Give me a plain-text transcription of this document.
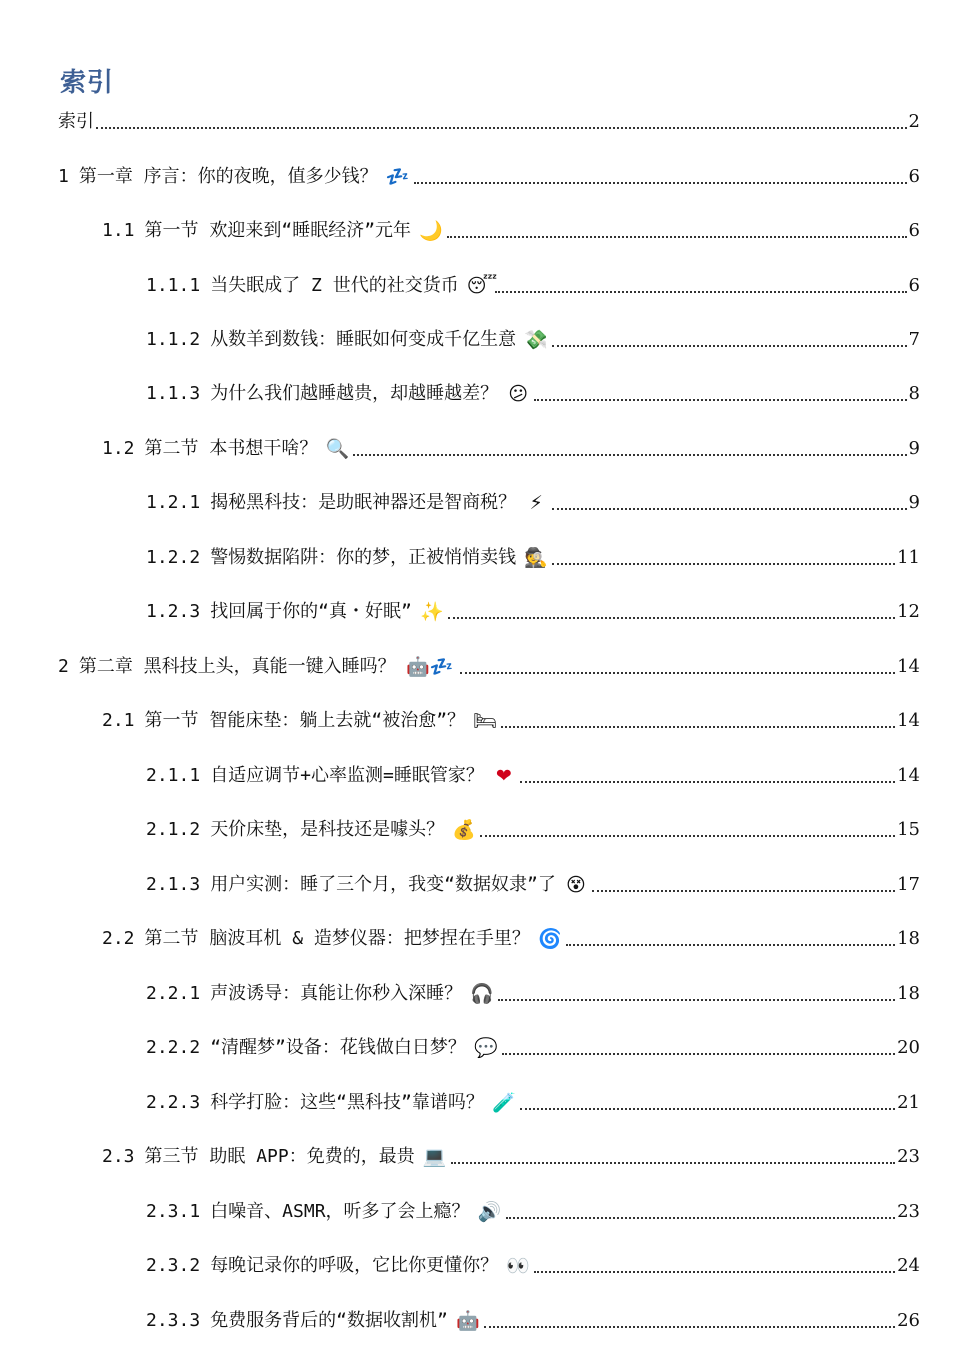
索引
索引	2
1 第一章 序言：你的夜晚，值多少钱？ 💤	6
1.1 第一节 欢迎来到“睡眠经济”元年 🌙	6
1.1.1 当失眠成了 Z 世代的社交货币 😴	6
1.1.2 从数羊到数钱：睡眠如何变成千亿生意 💸	7
1.1.3 为什么我们越睡越贵，却越睡越差？ 😕	8
1.2 第二节 本书想干啥？ 🔍	9
1.2.1 揭秘黑科技：是助眠神器还是智商税？ ⚡	9
1.2.2 警惕数据陷阱：你的梦，正被悄悄卖钱 🕵	11
1.2.3 找回属于你的“真・好眠” ✨	12
2 第二章 黑科技上头，真能一键入睡吗？ 🤖💤	14
2.1 第一节 智能床垫：躺上去就“被治愈”？ 🛏	14
2.1.1 自适应调节+心率监测=睡眠管家？ ❤	14
2.1.2 天价床垫，是科技还是噱头？ 💰	15
2.1.3 用户实测：睡了三个月，我变“数据奴隶”了 😵	17
2.2 第二节 脑波耳机 & 造梦仪器：把梦捏在手里？ 🌀	18
2.2.1 声波诱导：真能让你秒入深睡？ 🎧	18
2.2.2 “清醒梦”设备：花钱做白日梦？ 💬	20
2.2.3 科学打脸：这些“黑科技”靠谱吗？ 🧪	21
2.3 第三节 助眠 APP：免费的，最贵 💻	23
2.3.1 白噪音、ASMR，听多了会上瘾？ 🔊	23
2.3.2 每晚记录你的呼吸，它比你更懂你？ 👀	24
2.3.3 免费服务背后的“数据收割机” 🤖	26
